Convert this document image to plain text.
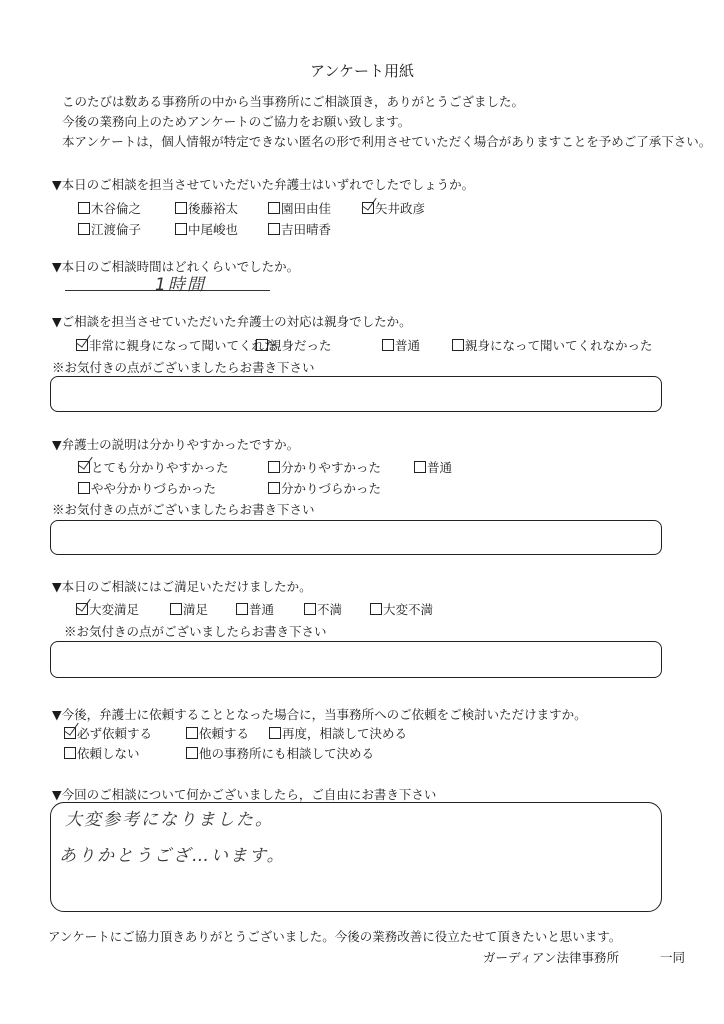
アンケート用紙
このたびは数ある事務所の中から当事務所にご相談頂き，ありがとうござました。
今後の業務向上のためアンケートのご協力をお願い致します。
本アンケートは，個人情報が特定できない匿名の形で利用させていただく場合がありますことを予めご了承下さい。
▼本日のご相談を担当させていただいた弁護士はいずれでしたでしょうか。
▼本日のご相談時間はどれくらいでしたか。
1時間
▼ご相談を担当させていただいた弁護士の対応は親身でしたか。
※お気付きの点がございましたらお書き下さい
▼弁護士の説明は分かりやすかったですか。
※お気付きの点がございましたらお書き下さい
▼本日のご相談にはご満足いただけましたか。
※お気付きの点がございましたらお書き下さい
▼今後，弁護士に依頼することとなった場合に，当事務所へのご依頼をご検討いただけますか。
▼今回のご相談について何かございましたら，ご自由にお書き下さい
大変参考になりました。
ありかとうござ…います。
アンケートにご協力頂きありがとうございました。今後の業務改善に役立たせて頂きたいと思います。
ガーディアン法律事務所	一同
木谷倫之	後藤裕太	園田由佳	矢井政彦
江渡倫子	中尾峻也	吉田晴香
非常に親身になって聞いてくれた
親身だった	普通	親身になって聞いてくれなかった
とても分かりやすかった	分かりやすかった	普通
やや分かりづらかった	分かりづらかった
大変満足	満足	普通	不満	大変不満
必ず依頼する	依頼する	再度，相談して決める
依頼しない	他の事務所にも相談して決める
